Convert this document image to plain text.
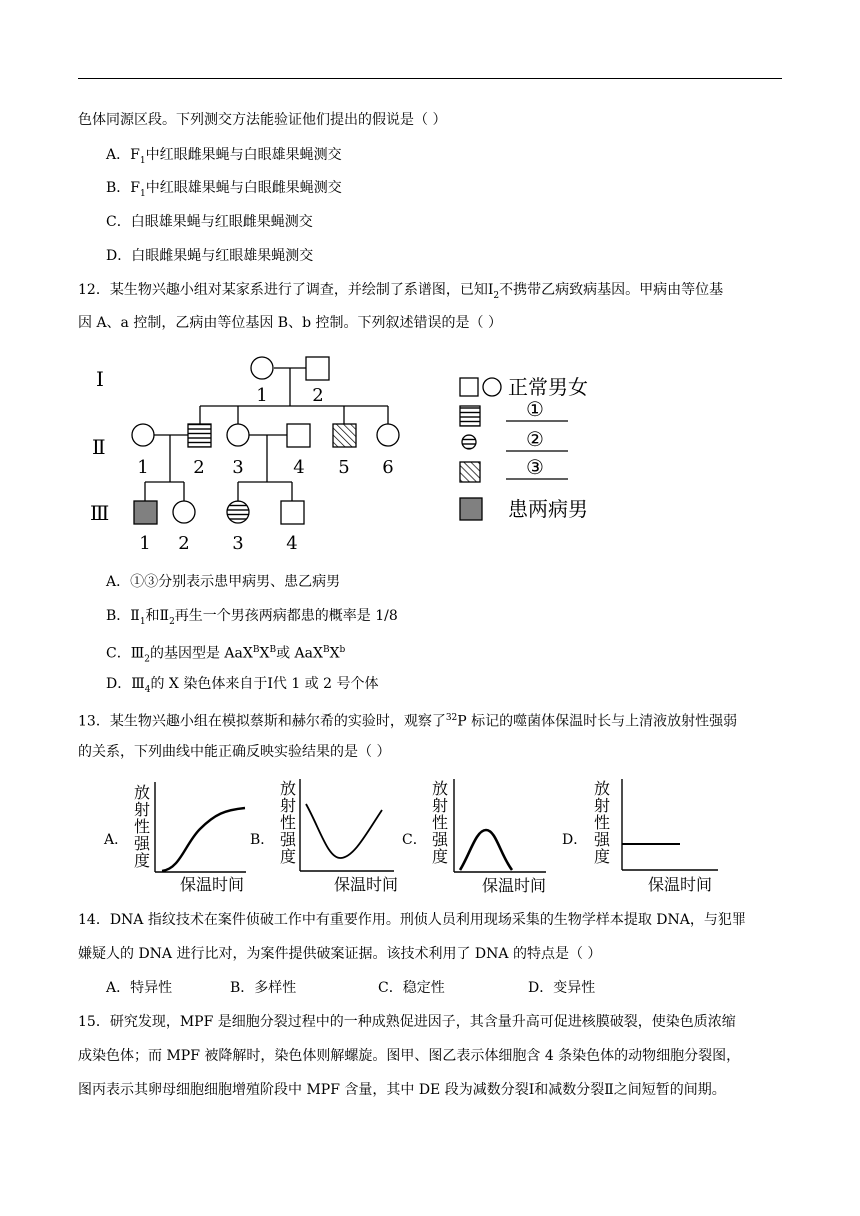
色体同源区段。下列测交方法能验证他们提出的假说是（ ）
A．$F_1$中红眼雌果蝇与白眼雄果蝇测交
B．$F_1$中红眼雄果蝇与白眼雌果蝇测交
C．白眼雄果蝇与红眼雌果蝇测交
D．白眼雌果蝇与红眼雄果蝇测交
12．某生物兴趣小组对某家系进行了调查，并绘制了系谱图，已知$Ⅰ_2$不携带乙病致病基因。甲病由等位基
因 A、a 控制，乙病由等位基因 B、b 控制。下列叙述错误的是（ ）
Ⅰ
Ⅱ
Ⅲ
1 2
1 2 3	4 5 6
1 2 3 4
正常男女
①
②
③
患两病男
A．①③分别表示患甲病男、患乙病男
B．$Ⅱ_1$和$Ⅱ_2$再生一个男孩两病都患的概率是 1/8
C．$Ⅲ_2$的基因型是 $AaX^BX^B$或 $AaX^BX^b$
D．$Ⅲ_4$的 X 染色体来自于Ⅰ代 1 或 2 号个体
13．某生物兴趣小组在模拟蔡斯和赫尔希的实验时，观察了$^{32}$P 标记的噬菌体保温时长与上清液放射性强弱
的关系，下列曲线中能正确反映实验结果的是（ ）
A．
放
射
性
强
度
保温时间
B．
放
射
性
强
度
保温时间
C．
放
射
性
强
度
保温时间
D．
放
射
性
强
度
保温时间
14．DNA 指纹技术在案件侦破工作中有重要作用。刑侦人员利用现场采集的生物学样本提取 DNA，与犯罪
嫌疑人的 DNA 进行比对，为案件提供破案证据。该技术利用了 DNA 的特点是（ ）
A．特异性	B．多样性	C．稳定性	D．变异性
15．研究发现，MPF 是细胞分裂过程中的一种成熟促进因子，其含量升高可促进核膜破裂，使染色质浓缩
成染色体；而 MPF 被降解时，染色体则解螺旋。图甲、图乙表示体细胞含 4 条染色体的动物细胞分裂图，
图丙表示其卵母细胞细胞增殖阶段中 MPF 含量，其中 DE 段为减数分裂Ⅰ和减数分裂Ⅱ之间短暂的间期。
